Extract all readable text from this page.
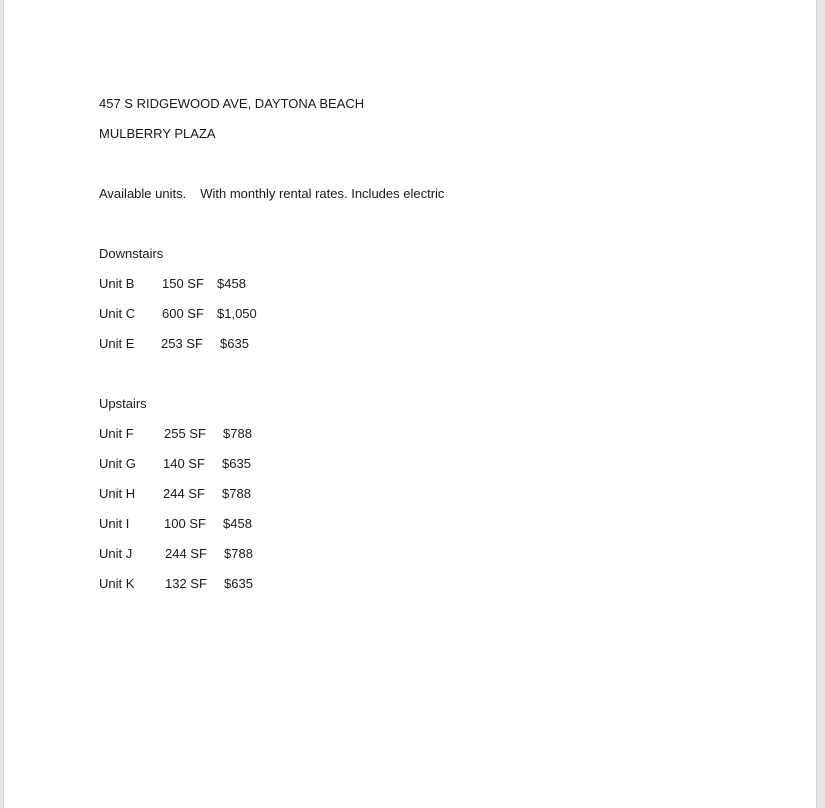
457 S RIDGEWOOD AVE, DAYTONA BEACH
MULBERRY PLAZA
Available units. With monthly rental rates. Includes electric
Downstairs
Unit B 150 SF $458
Unit C 600 SF $1,050
Unit E 253 SF $635
Upstairs
Unit F 255 SF $788
Unit G 140 SF $635
Unit H 244 SF $788
Unit I	100 SF $458
Unit J	244 SF $788
Unit K 132 SF $635
